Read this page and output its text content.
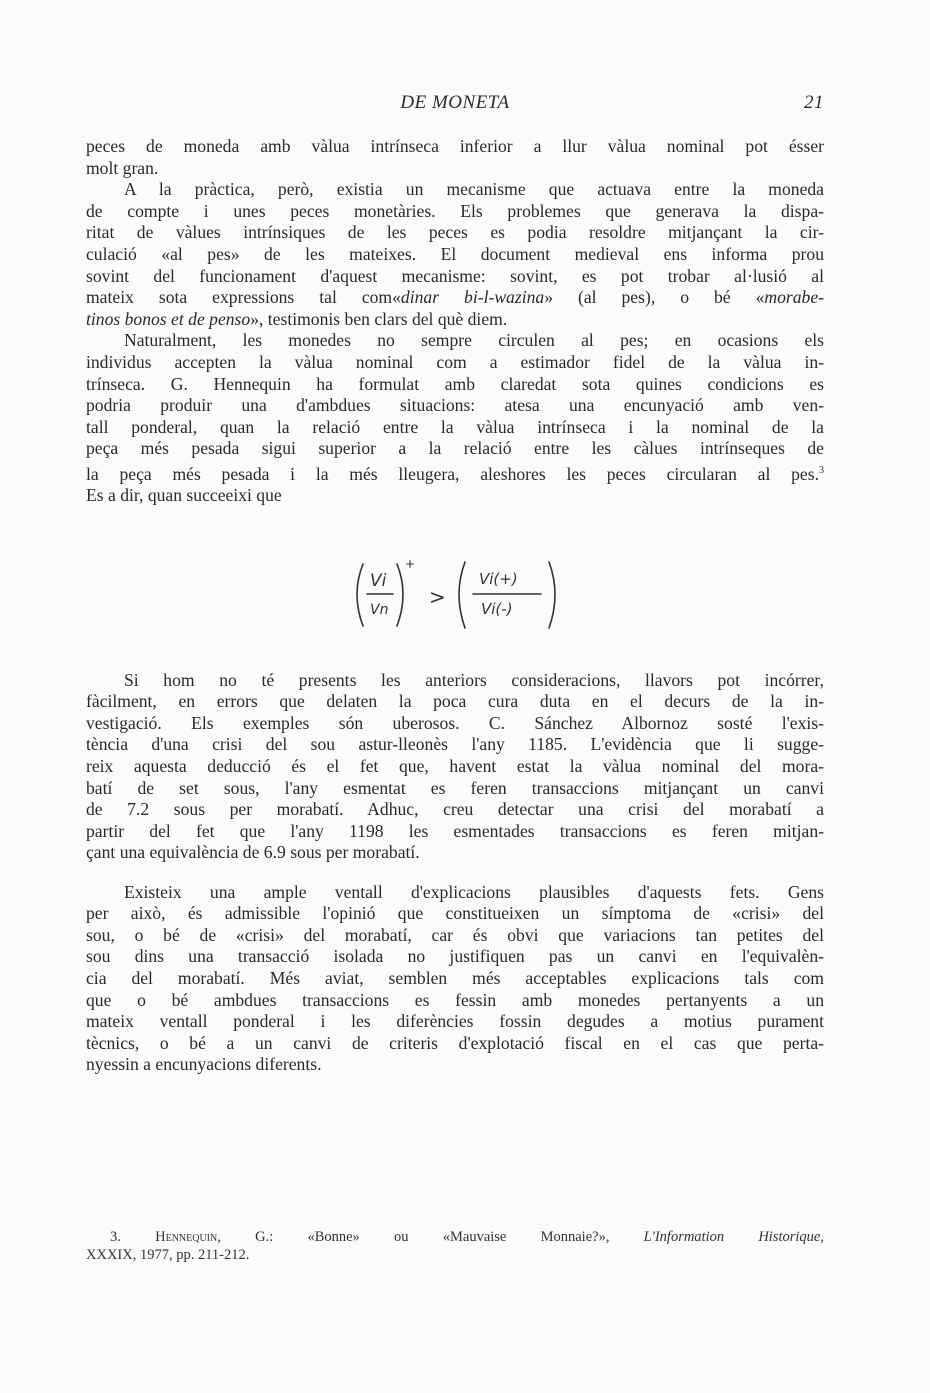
DE MONETA	21

peces de moneda amb vàlua intrínseca inferior a llur vàlua nominal pot ésser
molt gran.

A la pràctica, però, existia un mecanisme que actuava entre la moneda
de compte i unes peces monetàries. Els problemes que generava la dispa-
ritat de vàlues intrínsiques de les peces es podia resoldre mitjançant la cir-
culació «al pes» de les mateixes. El document medieval ens informa prou
sovint del funcionament d'aquest mecanisme: sovint, es pot trobar al·lusió al
mateix sota expressions tal com«dinar bi-l-wazina» (al pes), o bé «morabe-
tinos bonos et de penso», testimonis ben clars del què diem.

Naturalment, les monedes no sempre circulen al pes; en ocasions els
individus accepten la vàlua nominal com a estimador fidel de la vàlua in-
trínseca. G. Hennequin ha formulat amb claredat sota quines condicions es
podria produir una d'ambdues situacions: atesa una encunyació amb ven-
tall ponderal, quan la relació entre la vàlua intrínseca i la nominal de la
peça més pesada sigui superior a la relació entre les càlues intrínseques de
la peça més pesada i la més lleugera, aleshores les peces circularan al pes.$^3$
Es a dir, quan succeeixi que

Vi
Vn
+
>
Vi(+)
Vi(-)

Si hom no té presents les anteriors consideracions, llavors pot incórrer,
fàcilment, en errors que delaten la poca cura duta en el decurs de la in-
vestigació. Els exemples són uberosos. C. Sánchez Albornoz sosté l'exis-
tència d'una crisi del sou astur-lleonès l'any 1185. L'evidència que li sugge-
reix aquesta deducció és el fet que, havent estat la vàlua nominal del mora-
batí de set sous, l'any esmentat es feren transaccions mitjançant un canvi
de 7.2 sous per morabatí. Adhuc, creu detectar una crisi del morabatí a
partir del fet que l'any 1198 les esmentades transaccions es feren mitjan-
çant una equivalència de 6.9 sous per morabatí.

Existeix una ample ventall d'explicacions plausibles d'aquests fets. Gens
per això, és admissible l'opinió que constitueixen un símptoma de «crisi» del
sou, o bé de «crisi» del morabatí, car és obvi que variacions tan petites del
sou dins una transacció isolada no justifiquen pas un canvi en l'equivalèn-
cia del morabatí. Més aviat, semblen més acceptables explicacions tals com
que o bé ambdues transaccions es fessin amb monedes pertanyents a un
mateix ventall ponderal i les diferències fossin degudes a motius purament
tècnics, o bé a un canvi de criteris d'explotació fiscal en el cas que perta-
nyessin a encunyacions diferents.

3. Hennequin, G.: «Bonne» ou «Mauvaise Monnaie?», L'Information Historique,
XXXIX, 1977, pp. 211-212.
